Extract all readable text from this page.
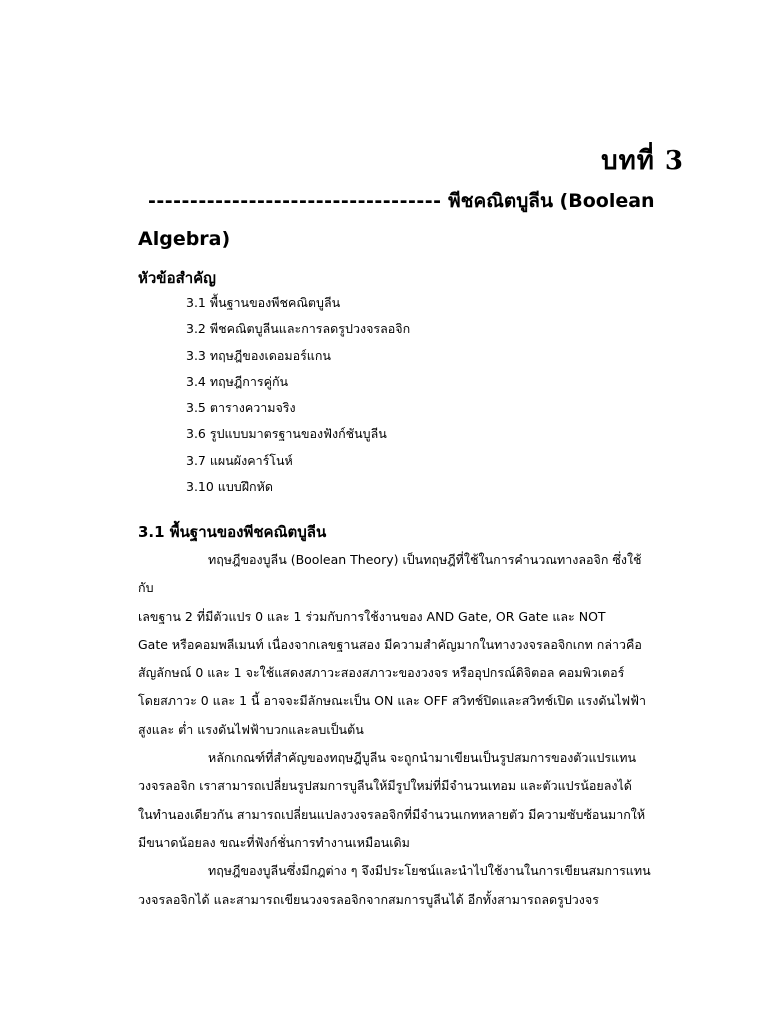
บทที่ 3
----------------------------------- พีชคณิตบูลีน (Boolean
Algebra)
หัวข้อสำคัญ
3.1 พื้นฐานของพีชคณิตบูลีน
3.2 พีชคณิตบูลีนและการลดรูปวงจรลอจิก
3.3 ทฤษฎีของเดอมอร์แกน
3.4 ทฤษฎีการคู่กัน
3.5 ตารางความจริง
3.6 รูปแบบมาตรฐานของฟังก์ชันบูลีน
3.7 แผนผังคาร์โนห์
3.10 แบบฝึกหัด
3.1 พื้นฐานของพีชคณิตบูลีน
ทฤษฎีของบูลีน (Boolean Theory) เป็นทฤษฎีที่ใช้ในการคำนวณทางลอจิก ซึ่งใช้
กับ
เลขฐาน 2 ที่มีตัวแปร 0 และ 1 ร่วมกับการใช้งานของ AND Gate, OR Gate และ NOT
Gate หรือคอมพลีเมนท์ เนื่องจากเลขฐานสอง มีความสำคัญมากในทางวงจรลอจิกเกท กล่าวคือ
สัญลักษณ์ 0 และ 1 จะใช้แสดงสภาวะสองสภาวะของวงจร หรืออุปกรณ์ดิจิตอล คอมพิวเตอร์
โดยสภาวะ 0 และ 1 นี้ อาจจะมีลักษณะเป็น ON และ OFF สวิทช์ปิดและสวิทช์เปิด แรงดันไฟฟ้า
สูงและ ต่ำ แรงดันไฟฟ้าบวกและลบเป็นต้น
หลักเกณฑ์ที่สำคัญของทฤษฎีบูลีน จะถูกนำมาเขียนเป็นรูปสมการของตัวแปรแทน
วงจรลอจิก เราสามารถเปลี่ยนรูปสมการบูลีนให้มีรูปใหม่ที่มีจำนวนเทอม และตัวแปรน้อยลงได้
ในทำนองเดียวกัน สามารถเปลี่ยนแปลงวงจรลอจิกที่มีจำนวนเกทหลายตัว มีความซับซ้อนมากให้
มีขนาดน้อยลง ขณะที่ฟังก์ชั่นการทำงานเหมือนเดิม
ทฤษฎีของบูลีนซึ่งมีกฎต่าง ๆ จึงมีประโยชน์และนำไปใช้งานในการเขียนสมการแทน
วงจรลอจิกได้ และสามารถเขียนวงจรลอจิกจากสมการบูลีนได้ อีกทั้งสามารถลดรูปวงจร
